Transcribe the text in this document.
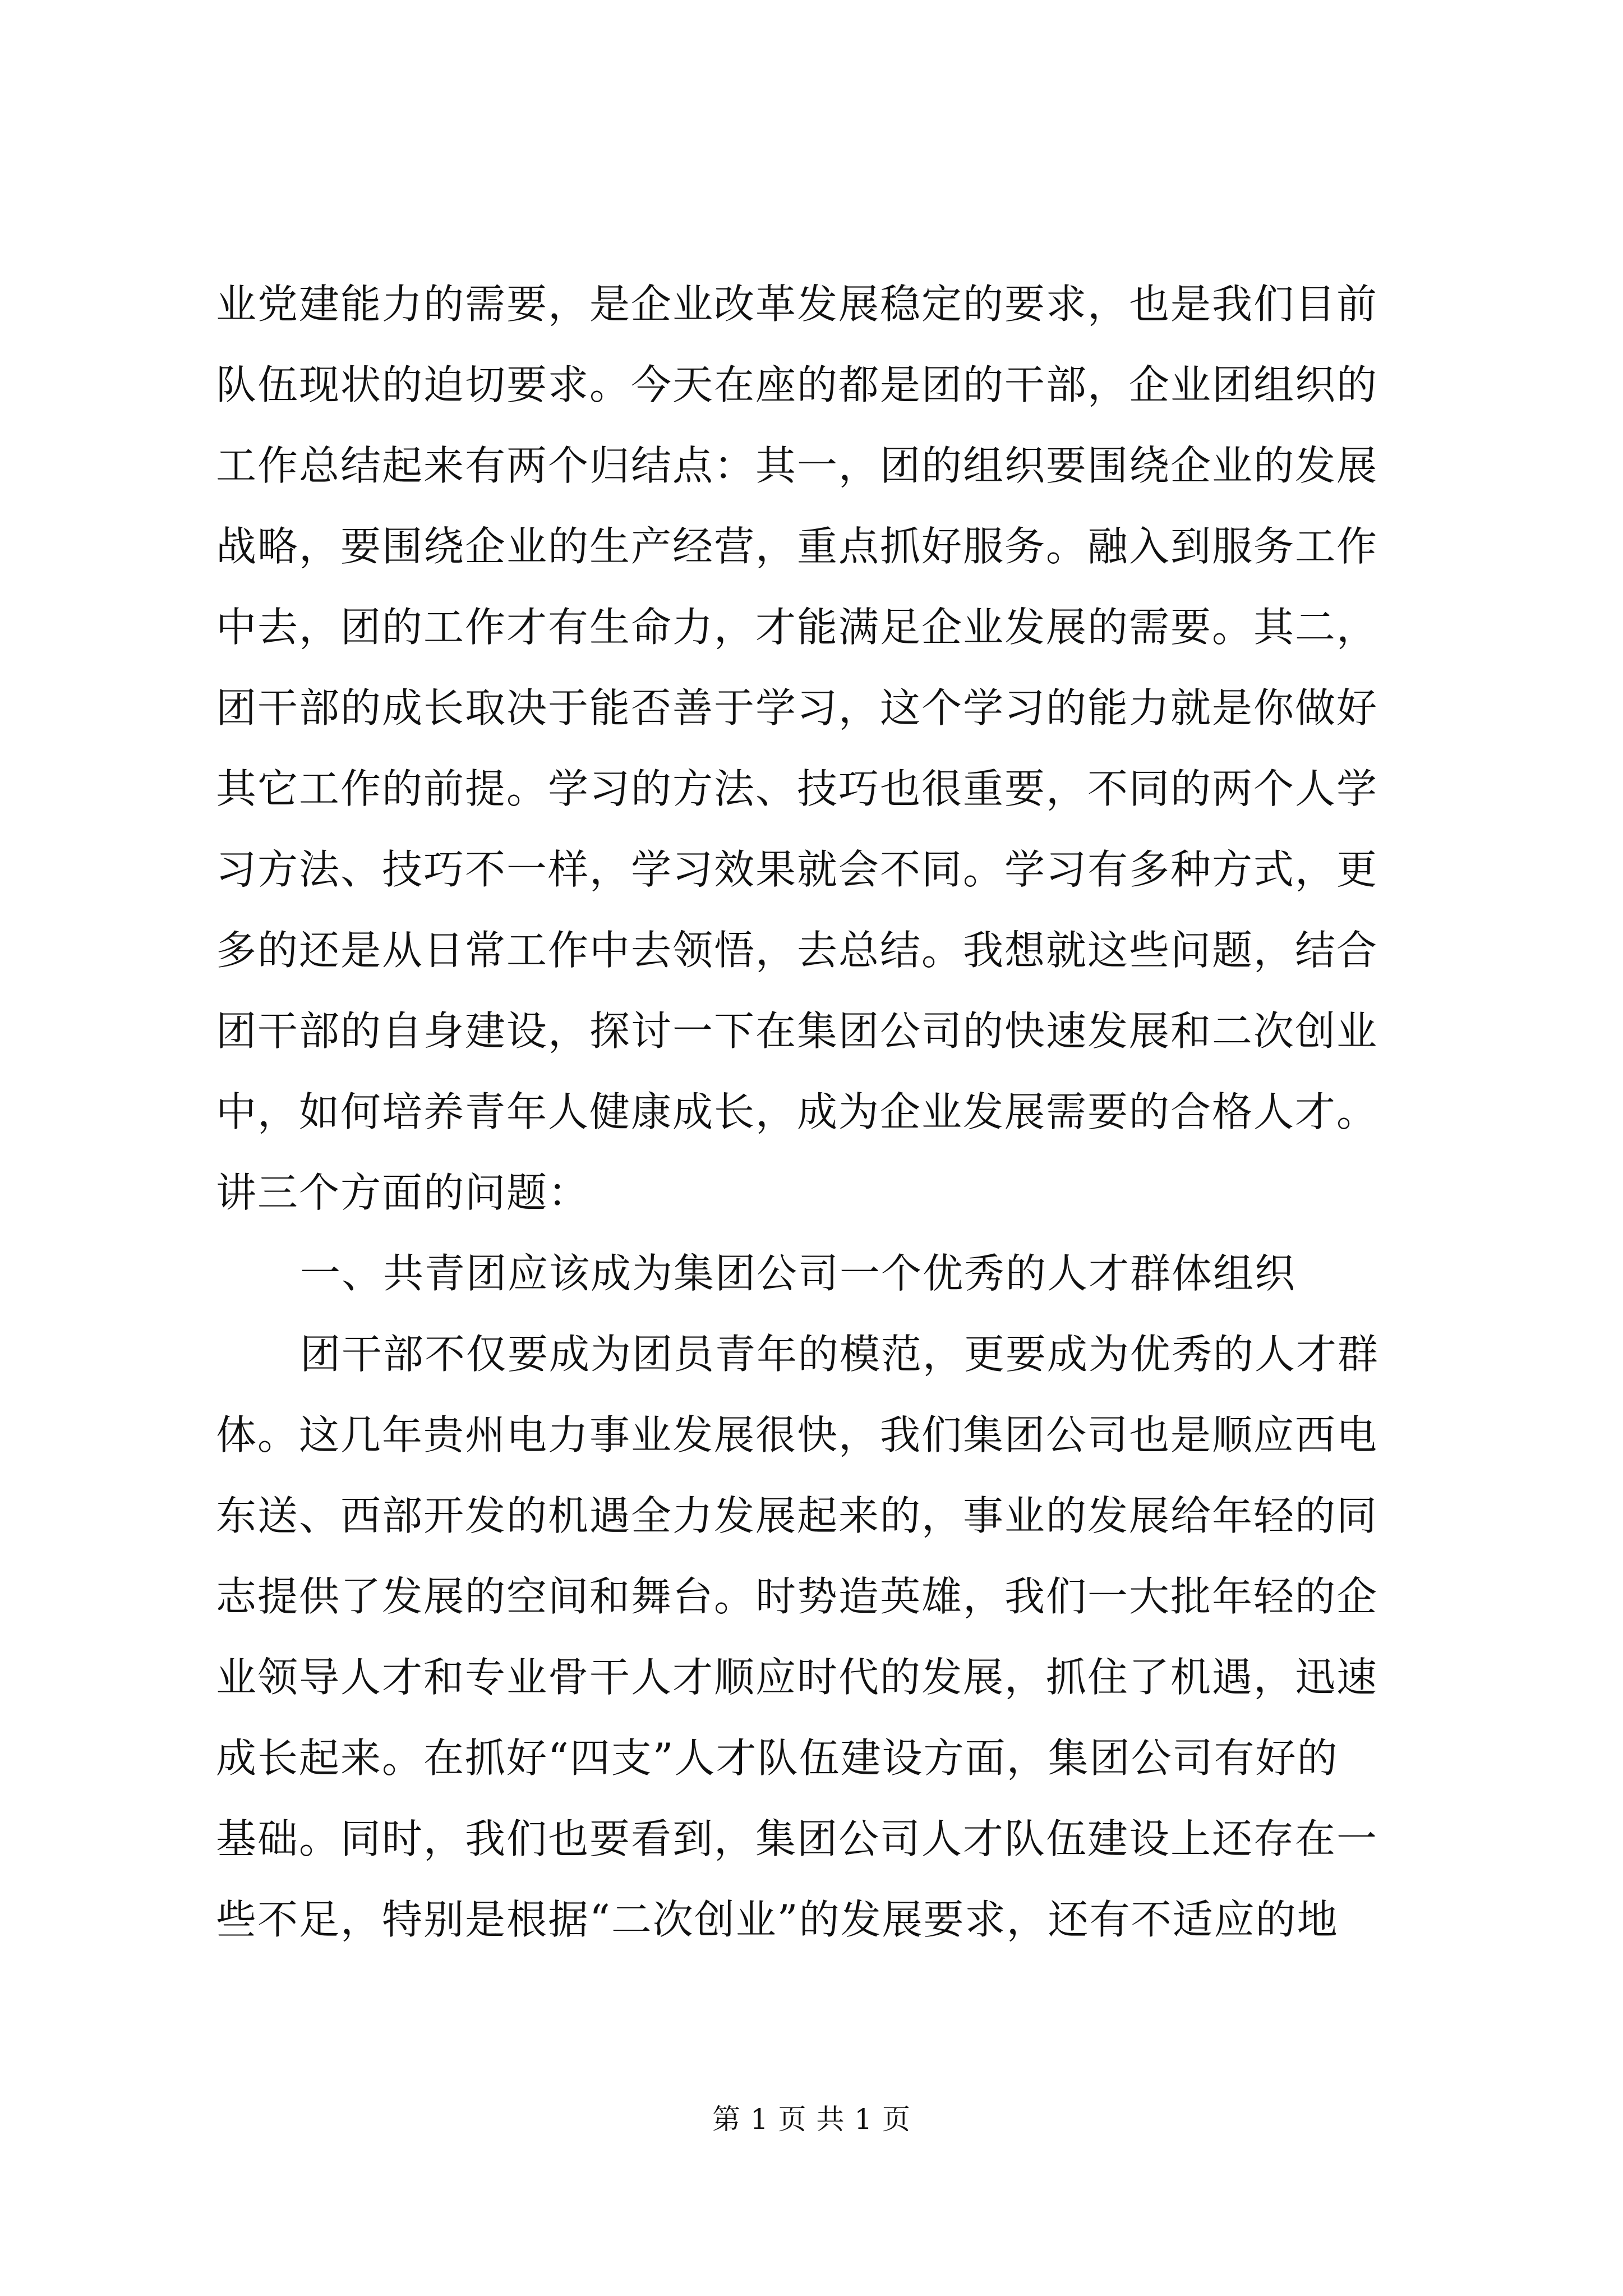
业党建能力的需要，是企业改革发展稳定的要求，也是我们目前
队伍现状的迫切要求。今天在座的都是团的干部，企业团组织的
工作总结起来有两个归结点：其一，团的组织要围绕企业的发展
战略，要围绕企业的生产经营，重点抓好服务。融入到服务工作
中去，团的工作才有生命力，才能满足企业发展的需要。其二，
团干部的成长取决于能否善于学习，这个学习的能力就是你做好
其它工作的前提。学习的方法、技巧也很重要，不同的两个人学
习方法、技巧不一样，学习效果就会不同。学习有多种方式，更
多的还是从日常工作中去领悟，去总结。我想就这些问题，结合
团干部的自身建设，探讨一下在集团公司的快速发展和二次创业
中，如何培养青年人健康成长，成为企业发展需要的合格人才。
讲三个方面的问题：
一、共青团应该成为集团公司一个优秀的人才群体组织
团干部不仅要成为团员青年的模范，更要成为优秀的人才群
体。这几年贵州电力事业发展很快，我们集团公司也是顺应西电
东送、西部开发的机遇全力发展起来的，事业的发展给年轻的同
志提供了发展的空间和舞台。时势造英雄，我们一大批年轻的企
业领导人才和专业骨干人才顺应时代的发展，抓住了机遇，迅速
成长起来。在抓好“四支”人才队伍建设方面，集团公司有好的
基础。同时，我们也要看到，集团公司人才队伍建设上还存在一
些不足，特别是根据“二次创业”的发展要求，还有不适应的地
第 1 页 共 1 页
